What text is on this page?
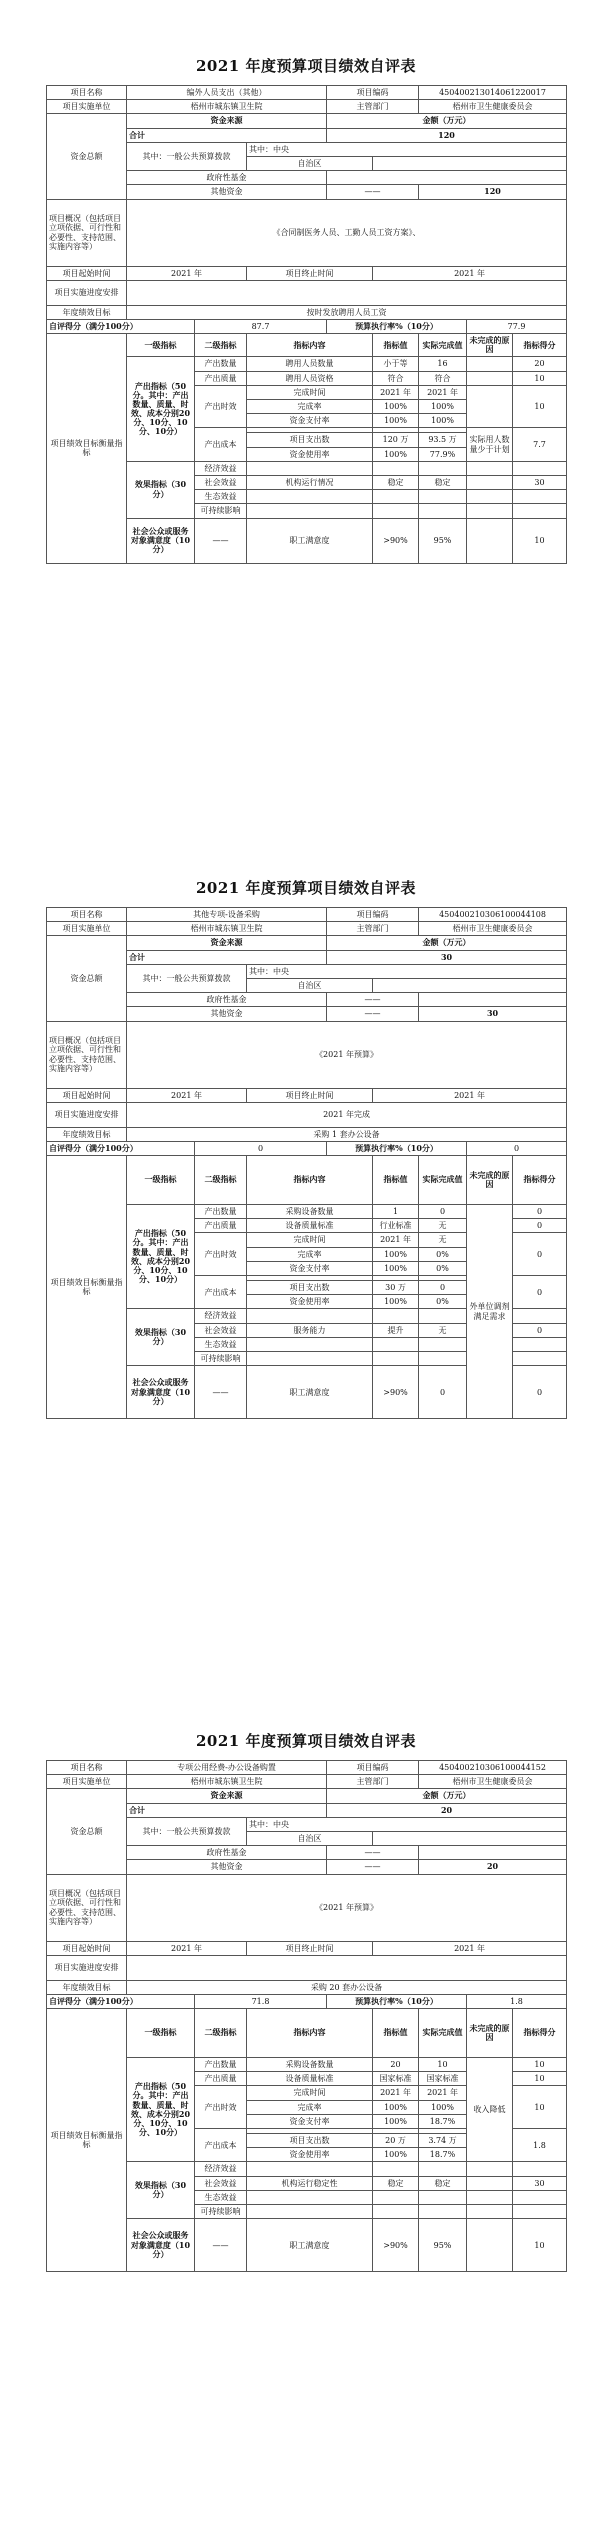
2021 年度预算项目绩效自评表
项目名称	编外人员支出（其他）			项目编码		450400213014061220017		
项目实施单位	梧州市城东镇卫生院			主管部门		梧州市卫生健康委员会		
资金总额	资金来源			金额（万元）				
	合计			120				
	其中：一般公共预算拨款		其中：中央					
			自治区					
	政府性基金							
	其他资金			——		120		
项目概况（包括项目立项依据、可行性和必要性、支持范围、实施内容等）	《合同制医务人员、工勤人员工资方案》、							
项目起始时间	2021 年		项目终止时间		2021 年			
项目实施进度安排								
年度绩效目标	按时发放聘用人员工资							
自评得分（满分100分）		87.7		预算执行率%（10分）			77.9	
项目绩效目标衡量指标	一级指标	二级指标	指标内容		指标值	实际完成值	未完成的原因	指标得分
	产出指标（50分。其中：产出数量、质量、时效、成本分别20分、10分、10分、10分）	产出数量	聘用人员数量		小于等	16		20
		产出质量	聘用人员资格		符合	符合		10
		产出时效	完成时间		2021 年	2021 年		10
			完成率		100%	100%		
			资金支付率		100%	100%		
		产出成本					实际用人数量少于计划	7.7
			项目支出数		120 万	93.5 万		
			资金使用率		100%	77.9%		
	效果指标（30分）	经济效益						
		社会效益	机构运行情况		稳定	稳定		30
		生态效益						
		可持续影响						
	社会公众或服务对象满意度（10分）	——	职工满意度		>90%	95%		10
2021 年度预算项目绩效自评表
项目名称	其他专项-设备采购			项目编码		450400210306100044108		
项目实施单位	梧州市城东镇卫生院			主管部门		梧州市卫生健康委员会		
资金总额	资金来源			金额（万元）				
	合计			30				
	其中：一般公共预算拨款		其中：中央					
			自治区					
	政府性基金			——				
	其他资金			——		30		
项目概况（包括项目立项依据、可行性和必要性、支持范围、实施内容等）	《2021 年预算》							
项目起始时间	2021 年		项目终止时间		2021 年			
项目实施进度安排	2021 年完成							
年度绩效目标	采购 1 套办公设备							
自评得分（满分100分）		0		预算执行率%（10分）			0	
项目绩效目标衡量指标	一级指标	二级指标	指标内容		指标值	实际完成值	未完成的原因	指标得分
	产出指标（50分。其中：产出数量、质量、时效、成本分别20分、10分、10分、10分）	产出数量	采购设备数量		1	0	外单位调剂满足需求	0
		产出质量	设备质量标准		行业标准	无		0
		产出时效	完成时间		2021 年	无		0
			完成率		100%	0%		
			资金支付率		100%	0%		
		产出成本						0
			项目支出数		30 万	0		
			资金使用率		100%	0%		
	效果指标（30分）	经济效益						
		社会效益	服务能力		提升	无		0
		生态效益						
		可持续影响						
	社会公众或服务对象满意度（10分）	——	职工满意度		>90%	0		0
2021 年度预算项目绩效自评表
项目名称	专项公用经费-办公设备购置			项目编码		450400210306100044152		
项目实施单位	梧州市城东镇卫生院			主管部门		梧州市卫生健康委员会		
资金总额	资金来源			金额（万元）				
	合计			20				
	其中：一般公共预算拨款		其中：中央					
			自治区					
	政府性基金			——				
	其他资金			——		20		
项目概况（包括项目立项依据、可行性和必要性、支持范围、实施内容等）	《2021 年预算》							
项目起始时间	2021 年		项目终止时间		2021 年			
项目实施进度安排								
年度绩效目标	采购 20 套办公设备							
自评得分（满分100分）		71.8		预算执行率%（10分）			1.8	
项目绩效目标衡量指标	一级指标	二级指标	指标内容		指标值	实际完成值	未完成的原因	指标得分
	产出指标（50分。其中：产出数量、质量、时效、成本分别20分、10分、10分、10分）	产出数量	采购设备数量		20	10	收入降低	10
		产出质量	设备质量标准		国家标准	国家标准		10
		产出时效	完成时间		2021 年	2021 年		10
			完成率		100%	100%		
			资金支付率		100%	18.7%		
		产出成本						1.8
			项目支出数		20 万	3.74 万		
			资金使用率		100%	18.7%		
	效果指标（30分）	经济效益						
		社会效益	机构运行稳定性		稳定	稳定		30
		生态效益						
		可持续影响						
	社会公众或服务对象满意度（10分）	——	职工满意度		>90%	95%		10
